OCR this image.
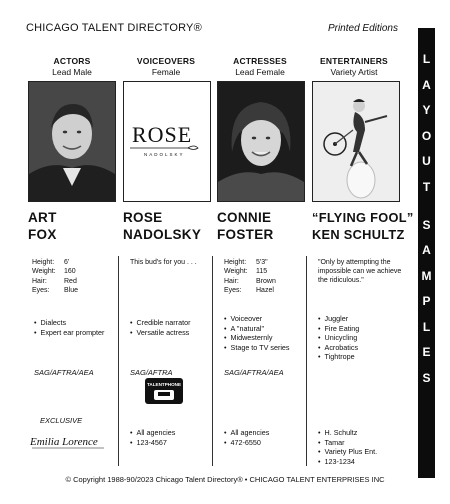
CHICAGO TALENT DIRECTORY®	Printed Editions
ACTORS
Lead Male
VOICEOVERS
Female
ACTRESSES
Lead Female
ENTERTAINERS
Variety Artist
ROSE
NADOLSKY
ART
FOX
ROSE
NADOLSKY
CONNIE
FOSTER
“FLYING FOOL”
KEN SCHULTZ
Height:	6'
Weight:	160
Hair:	Red
Eyes:	Blue
• Dialects
• Expert ear prompter
SAG/AFTRA/AEA
EXCLUSIVE
Emilia Lorence
This bud's for you . . .
• Credible narrator
• Versatile actress
SAG/AFTRA
TALENTPHONE
• All agencies
• 123-4567
Height:	5'3"
Weight:	115
Hair:	Brown
Eyes:	Hazel
• Voiceover
• A "natural"
• Midwesternly
• Stage to TV series
SAG/AFTRA/AEA
• All agencies
• 472-6550
"Only by attempting the impossible can we achieve the ridiculous."
• Juggler
• Fire Eating
• Unicycling
• Acrobatics
• Tightrope
• H. Schultz
• Tamar
• Variety Plus Ent.
• 123-1234
L
A
Y
O
U
T
S
A
M
P
L
E
S
© Copyright 1988-90/2023 Chicago Talent Directory® • CHICAGO TALENT ENTERPRISES INC
